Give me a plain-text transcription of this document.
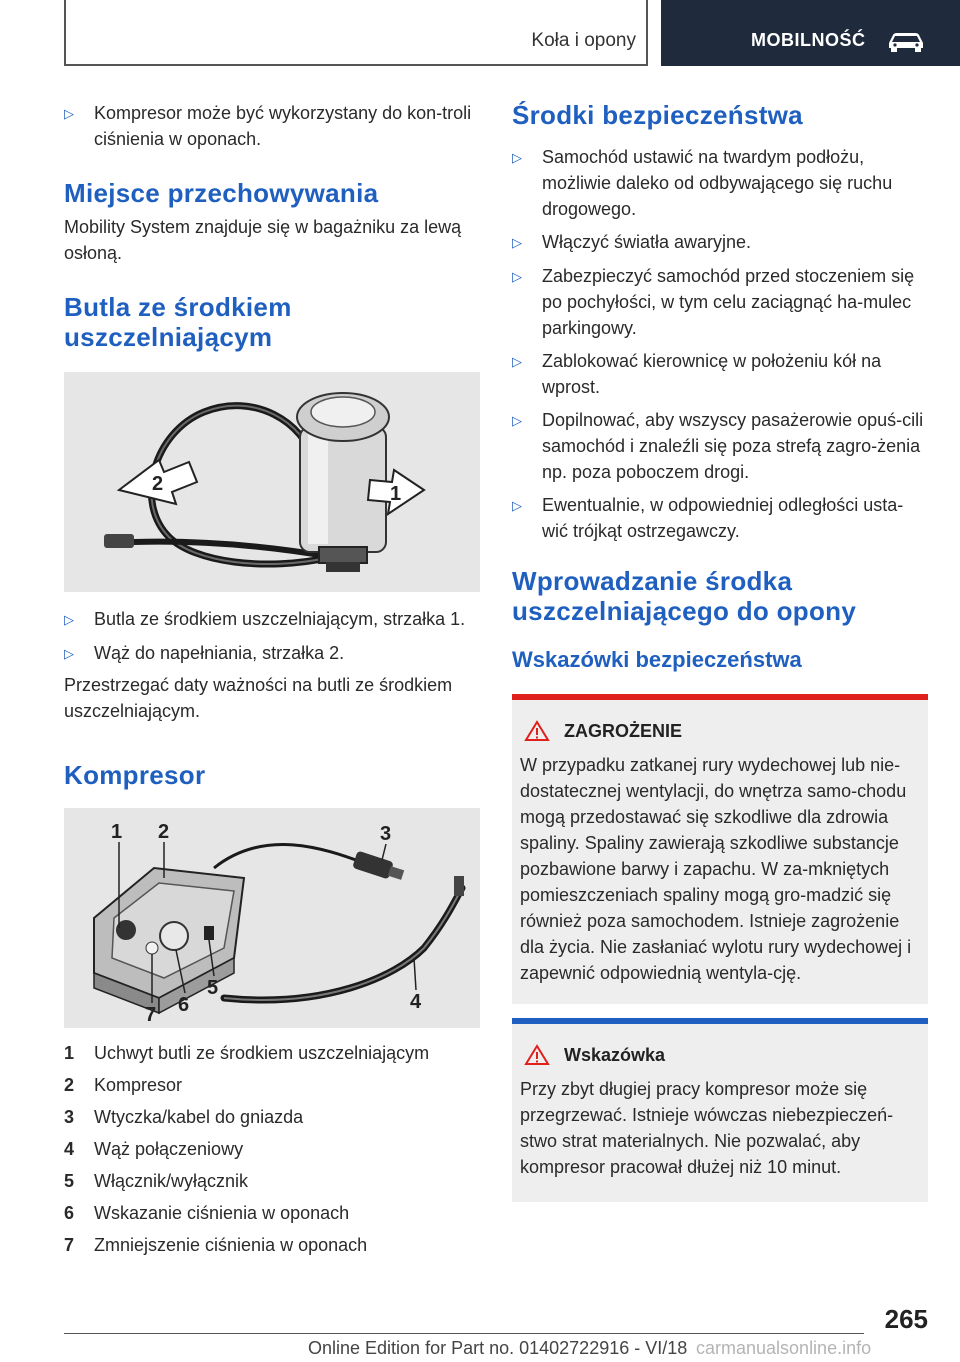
Koła i opony	MOBILNOŚĆ
▷	Kompresor może być wykorzystany do kon-troli ciśnienia w oponach.
Miejsce przechowywania

Mobility System znajduje się w bagażniku za lewą osłoną.

Butla ze środkiem uszczelniającym
2	1
▷	Butla ze środkiem uszczelniającym, strzałka 1.
▷	Wąż do napełniania, strzałka 2.

Przestrzegać daty ważności na butli ze środkiem uszczelniającym.

Kompresor
1 2	3
4
5
6
7
1	Uchwyt butli ze środkiem uszczelniającym
2	Kompresor
3	Wtyczka/kabel do gniazda
4	Wąż połączeniowy
5	Włącznik/wyłącznik
6	Wskazanie ciśnienia w oponach
7	Zmniejszenie ciśnienia w oponach
Środki bezpieczeństwa
▷	Samochód ustawić na twardym podłożu, możliwie daleko od odbywającego się ruchu drogowego.
▷	Włączyć światła awaryjne.
▷	Zabezpieczyć samochód przed stoczeniem się po pochyłości, w tym celu zaciągnąć ha-mulec parkingowy.
▷	Zablokować kierownicę w położeniu kół na wprost.
▷	Dopilnować, aby wszyscy pasażerowie opuś-cili samochód i znaleźli się poza strefą zagro-żenia np. poza poboczem drogi.
▷	Ewentualnie, w odpowiedniej odległości usta-wić trójkąt ostrzegawczy.
Wprowadzanie środka uszczelniającego do opony
Wskazówki bezpieczeństwa
ZAGROŻENIE

W przypadku zatkanej rury wydechowej lub nie-dostatecznej wentylacji, do wnętrza samo-chodu mogą przedostawać się szkodliwe dla zdrowia spaliny. Spaliny zawierają szkodliwe substancje pozbawione barwy i zapachu. W za-mkniętych pomieszczeniach spaliny mogą gro-madzić się również poza samochodem. Istnieje zagrożenie dla życia. Nie zasłaniać wylotu rury wydechowej i zapewnić odpowiednią wentyla-cję.

Wskazówka

Przy zbyt długiej pracy kompresor może się przegrzewać. Istnieje wówczas niebezpieczeń-stwo strat materialnych. Nie pozwalać, aby kompresor pracował dłużej niż 10 minut.

265
Online Edition for Part no. 01402722916 - VI/18 carmanualsonline.info
